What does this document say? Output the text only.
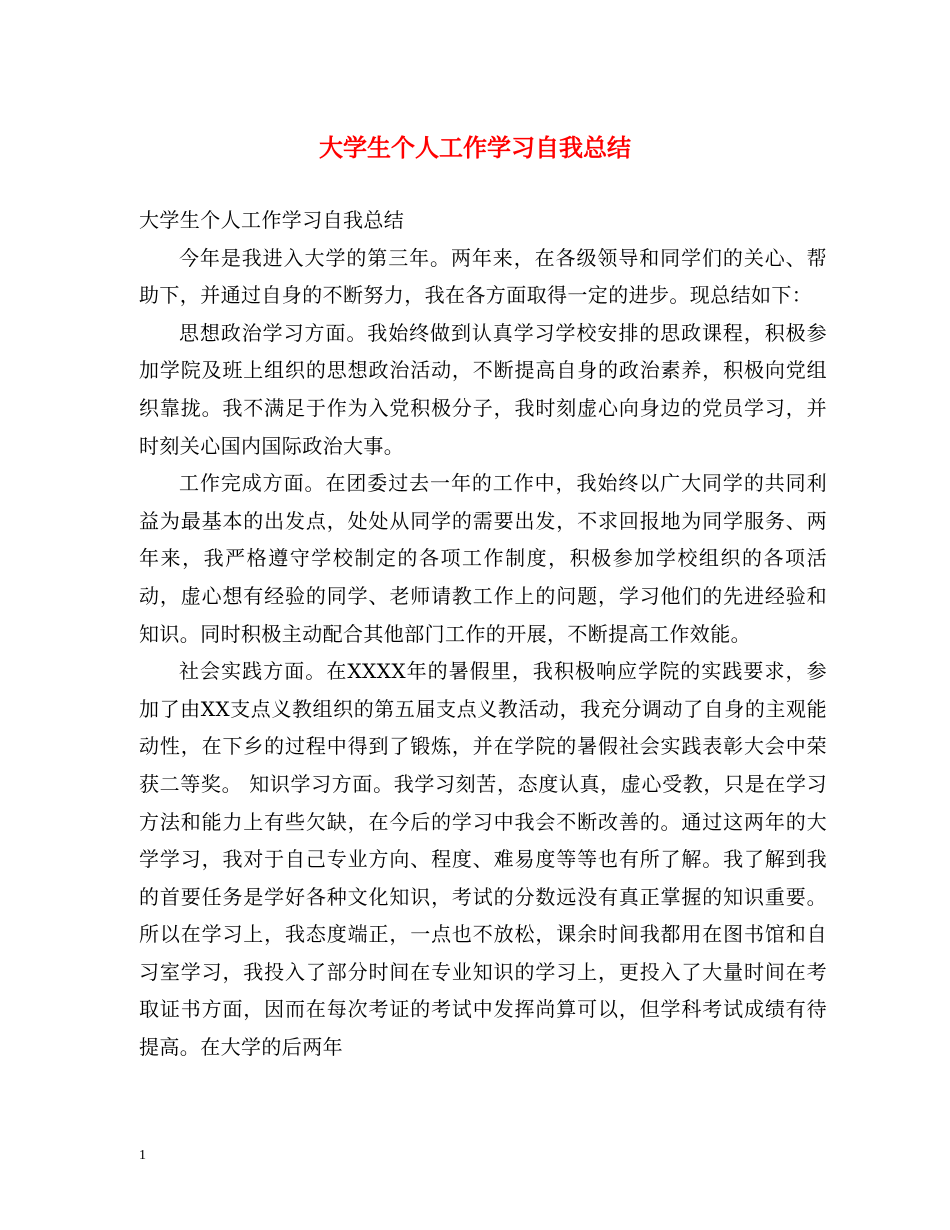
大学生个人工作学习自我总结

大学生个人工作学习自我总结

今年是我进入大学的第三年。两年来，在各级领导和同学们的关心、帮助下，并通过自身的不断努力，我在各方面取得一定的进步。现总结如下：

思想政治学习方面。我始终做到认真学习学校安排的思政课程，积极参加学院及班上组织的思想政治活动，不断提高自身的政治素养，积极向党组织靠拢。我不满足于作为入党积极分子，我时刻虚心向身边的党员学习，并时刻关心国内国际政治大事。

工作完成方面。在团委过去一年的工作中，我始终以广大同学的共同利益为最基本的出发点，处处从同学的需要出发，不求回报地为同学服务、两年来，我严格遵守学校制定的各项工作制度，积极参加学校组织的各项活动，虚心想有经验的同学、老师请教工作上的问题，学习他们的先进经验和知识。同时积极主动配合其他部门工作的开展，不断提高工作效能。

社会实践方面。在XXXX年的暑假里，我积极响应学院的实践要求，参加了由XX支点义教组织的第五届支点义教活动，我充分调动了自身的主观能动性，在下乡的过程中得到了锻炼，并在学院的暑假社会实践表彰大会中荣获二等奖。 知识学习方面。我学习刻苦，态度认真，虚心受教，只是在学习方法和能力上有些欠缺，在今后的学习中我会不断改善的。通过这两年的大学学习，我对于自己专业方向、程度、难易度等等也有所了解。我了解到我的首要任务是学好各种文化知识，考试的分数远没有真正掌握的知识重要。所以在学习上，我态度端正，一点也不放松，课余时间我都用在图书馆和自习室学习，我投入了部分时间在专业知识的学习上，更投入了大量时间在考取证书方面，因而在每次考证的考试中发挥尚算可以，但学科考试成绩有待提高。在大学的后两年

1
